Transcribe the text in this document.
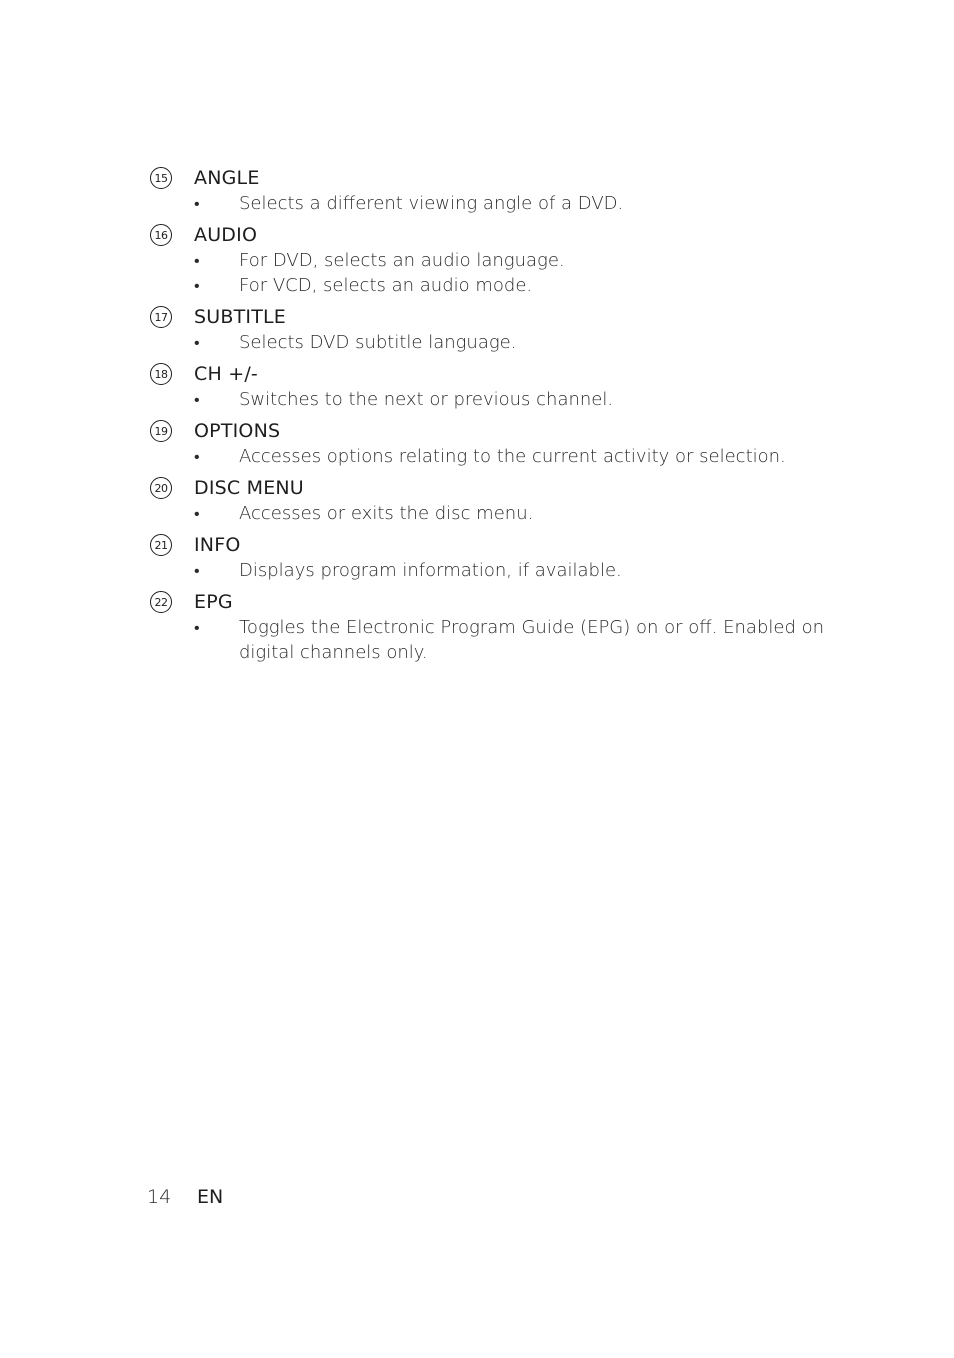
15 ANGLE
• Selects a different viewing angle of a DVD.
16 AUDIO
• For DVD, selects an audio language.
• For VCD, selects an audio mode.
17 SUBTITLE
• Selects DVD subtitle language.
18 CH +/-
• Switches to the next or previous channel.
19 OPTIONS
• Accesses options relating to the current activity or selection.
20 DISC MENU
• Accesses or exits the disc menu.
21 INFO
• Displays program information, if available.
22 EPG
• Toggles the Electronic Program Guide (EPG) on or off. Enabled on digital channels only.
14	EN
